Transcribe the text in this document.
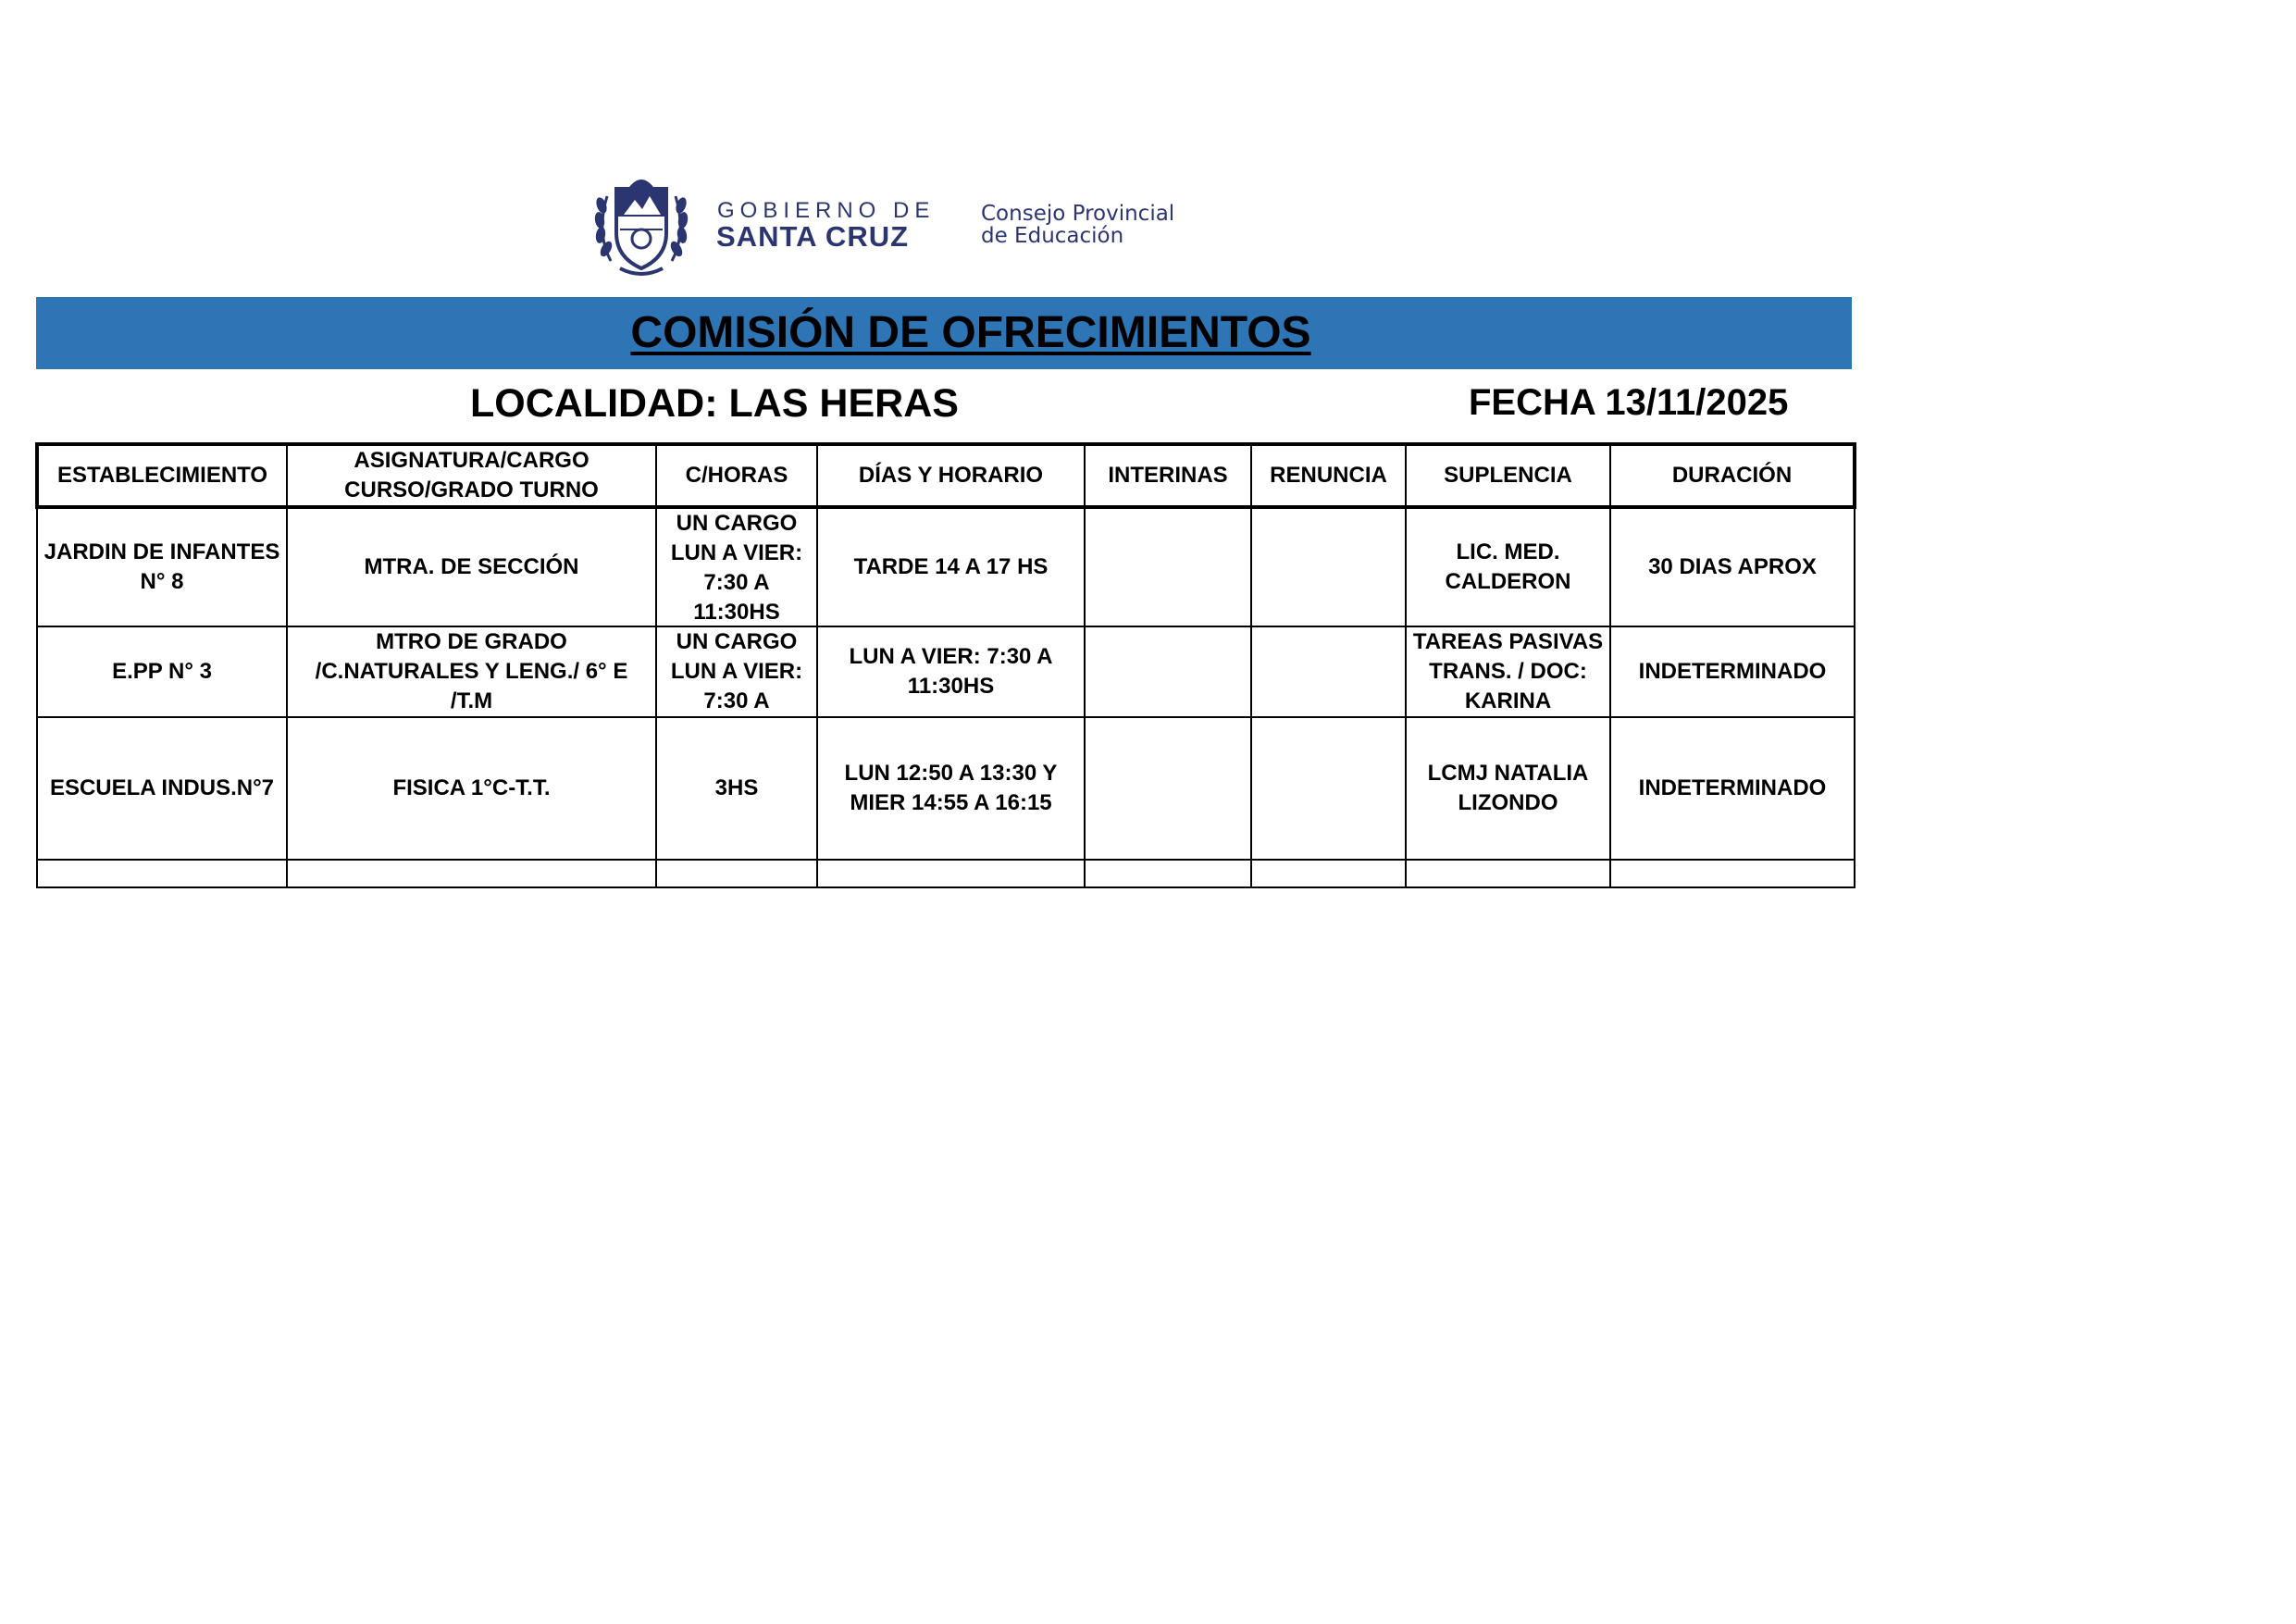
GOBIERNO DE
SANTA CRUZ
Consejo Provincial
de Educación
COMISIÓN DE OFRECIMIENTOS
LOCALIDAD: LAS HERAS	FECHA 13/11/2025
ESTABLECIMIENTO	ASIGNATURA/CARGO CURSO/GRADO TURNO	C/HORAS	DÍAS Y HORARIO	INTERINAS	RENUNCIA	SUPLENCIA	DURACIÓN
JARDIN DE INFANTES N° 8	MTRA. DE SECCIÓN	UN CARGO LUN A VIER: 7:30 A 11:30HS	TARDE 14 A 17 HS			LIC. MED. CALDERON	30 DIAS APROX
E.PP N° 3	MTRO DE GRADO /C.NATURALES Y LENG./ 6° E /T.M	UN CARGO LUN A VIER: 7:30 A	LUN A VIER: 7:30 A 11:30HS			TAREAS PASIVAS TRANS. / DOC: KARINA	INDETERMINADO
ESCUELA INDUS.N°7	FISICA 1°C-T.T.	3HS	LUN 12:50 A 13:30 Y MIER 14:55 A 16:15			LCMJ NATALIA LIZONDO	INDETERMINADO
